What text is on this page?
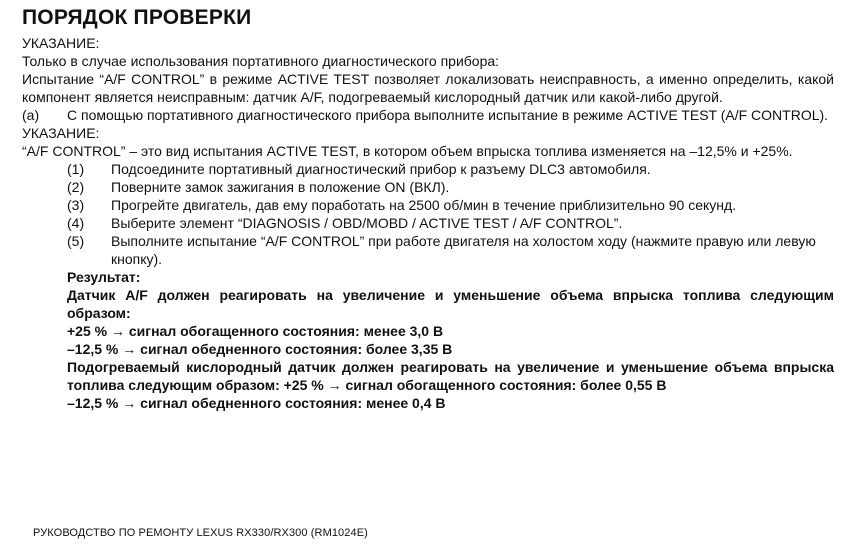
ПОРЯДОК ПРОВЕРКИ
УКАЗАНИЕ:
Только в случае использования портативного диагностического прибора:
Испытание “A/F CONTROL” в режиме ACTIVE TEST позволяет локализовать неисправность, а именно определить, какой компонент является неисправным: датчик A/F, подогреваемый кислородный датчик или какой-либо другой.
(a)	С помощью портативного диагностического прибора выполните испытание в режиме ACTIVE TEST (A/F CONTROL).
УКАЗАНИЕ:
“A/F CONTROL” – это вид испытания ACTIVE TEST, в котором объем впрыска топлива изменяется на –12,5% и +25%.
(1)	Подсоедините портативный диагностический прибор к разъему DLC3 автомобиля.
(2)	Поверните замок зажигания в положение ON (ВКЛ).
(3)	Прогрейте двигатель, дав ему поработать на 2500 об/мин в течение приблизительно 90 секунд.
(4)	Выберите элемент “DIAGNOSIS / OBD/MOBD / ACTIVE TEST / A/F CONTROL”.
(5)	Выполните испытание “A/F CONTROL” при работе двигателя на холостом ходу (нажмите правую или левую кнопку).
Результат:
Датчик A/F должен реагировать на увеличение и уменьшение объема впрыска топлива следующим образом:
+25 % → сигнал обогащенного состояния: менее 3,0 В
–12,5 % → сигнал обедненного состояния: более 3,35 В
Подогреваемый кислородный датчик должен реагировать на увеличение и уменьшение объема впрыска топлива следующим образом: +25 % → сигнал обогащенного состояния: более 0,55 В
–12,5 % → сигнал обедненного состояния: менее 0,4 В
РУКОВОДСТВО ПО РЕМОНТУ LEXUS RX330/RX300 (RM1024E)
